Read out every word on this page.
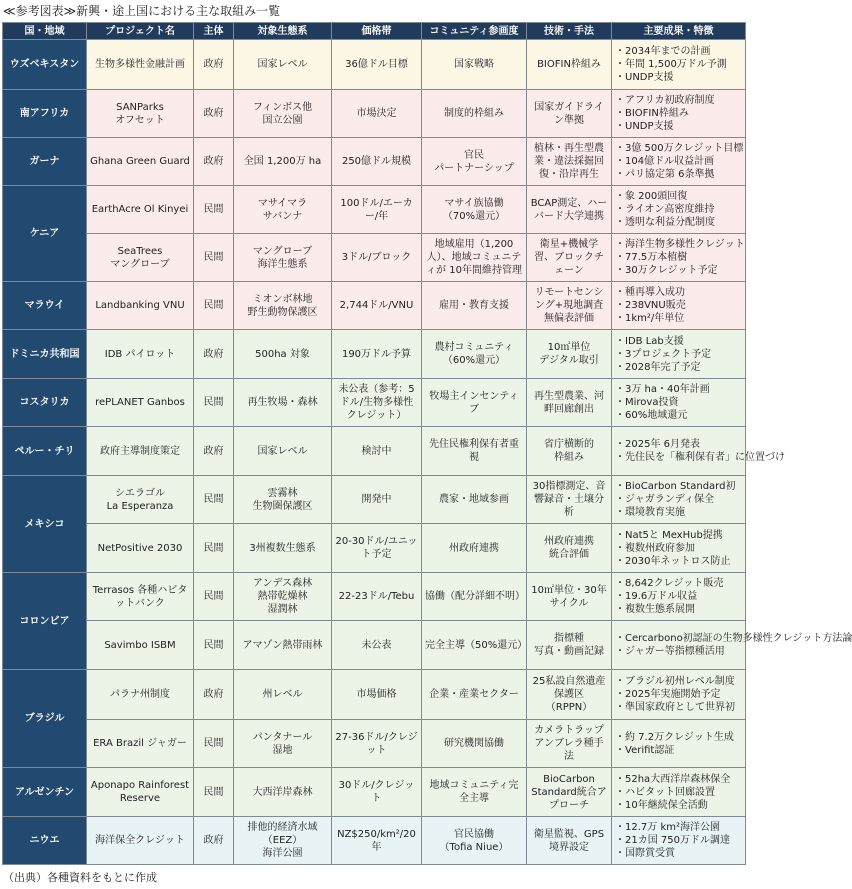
≪参考図表≫新興・途上国における主な取組み一覧
国・地域	プロジェクト名	主体	対象生態系	価格帯	コミュニティ参画度	技術・手法	主要成果・特徴
ウズベキスタン	生物多様性金融計画	政府	国家レベル	36億ドル目標	国家戦略	BIOFIN枠組み	・2034年までの計画
・年間 1,500万ドル予測
・UNDP支援

南アフリカ	SANParks
オフセット	政府	フィンボス他
国立公園	市場決定	制度的枠組み	国家ガイドライン準拠	・アフリカ初政府制度
・BIOFIN枠組み
・UNDP支援

ガーナ	Ghana Green Guard	政府	全国 1,200万 ha	250億ドル規模	官民
パートナーシップ	植林・再生型農業・違法採掘回復・沿岸再生	・3億 500万クレジット目標
・104億ドル収益計画
・パリ協定第 6条準拠

ケニア	EarthAcre Ol Kinyei	民間	マサイマラ
サバンナ	100ドル/エーカー/年	マサイ族協働
（70%還元）	BCAP測定、ハーバード大学連携	・象 200頭回復
・ライオン高密度維持
・透明な利益分配制度

	SeaTrees
マングローブ	民間	マングローブ
海洋生態系	3ドル/ブロック	地域雇用（1,200人）、地域コミュニティが 10年間維持管理	衛星+機械学習、ブロックチェーン	・海洋生物多様性クレジット
・77.5万本植樹
・30万クレジット予定

マラウイ	Landbanking VNU	民間	ミオンボ林地
野生動物保護区	2,744ドル/VNU	雇用・教育支援	リモートセンシング+現地調査
無偏表評価	・種再導入成功
・238VNU販売
・1km²/年単位

ドミニカ共和国	IDB パイロット	政府	500ha 対象	190万ドル予算	農村コミュニティ
（60%還元）	10㎡単位
デジタル取引	・IDB Lab支援
・3プロジェクト予定
・2028年完了予定

コスタリカ	rePLANET Ganbos	民間	再生牧場・森林	未公表（参考：5ドル/生物多様性クレジット）	牧場主インセンティブ	再生型農業、河畔回廊創出	・3万 ha・40年計画
・Mirova投資
・60%地域還元

ペルー・チリ	政府主導制度策定	政府	国家レベル	検討中	先住民権利保有者重視	省庁横断的
枠組み	・2025年 6月発表
・先住民を「権利保有者」に位置づけ

メキシコ	シエラゴル
La Esperanza	民間	雲霧林
生物圏保護区	開発中	農家・地域参画	30指標測定、音響録音・土壌分析	・BioCarbon Standard初
・ジャガランディ保全
・環境教育実施

	NetPositive 2030	民間	3州複数生態系	20-30ドル/ユニット予定	州政府連携	州政府連携
統合評価	・Nat5と MexHub提携
・複数州政府参加
・2030年ネットロス防止

コロンビア	Terrasos 各種ハビタットバンク	民間	アンデス森林
熱帯乾燥林
湿潤林	22-23ドル/Tebu	協働（配分詳細不明）	10㎡単位・30年サイクル	・8,642クレジット販売
・19.6万ドル収益
・複数生態系展開

	Savimbo ISBM	民間	アマゾン熱帯雨林	未公表	完全主導（50%還元）	指標種
写真・動画記録	・Cercarbono初認証の生物多様性クレジット方法論
・ジャガー等指標種活用

ブラジル	パラナ州制度	政府	州レベル	市場価格	企業・産業セクター	25私設自然遺産保護区
（RPPN）	・ブラジル初州レベル制度
・2025年実施開始予定
・準国家政府として世界初

	ERA Brazil ジャガー	民間	パンタナール
湿地	27-36ドル/クレジット	研究機関協働	カメラトラップ
アンブレラ種手法	・約 7.2万クレジット生成
・Verifit認証

アルゼンチン	Aponapo Rainforest Reserve	民間	大西洋岸森林	30ドル/クレジット	地域コミュニティ完全主導	BioCarbon Standard統合アプローチ	・52ha大西洋岸森林保全
・ハビタット回廊設置
・10年継続保全活動

ニウエ	海洋保全クレジット	政府	排他的経済水域
（EEZ）
海洋公園	NZ$250/km²/20年	官民協働
（Tofia Niue）	衛星監視、GPS境界設定	・12.7万 km²海洋公園
・21カ国 750万ドル調達
・国際賞受賞
（出典）各種資料をもとに作成
